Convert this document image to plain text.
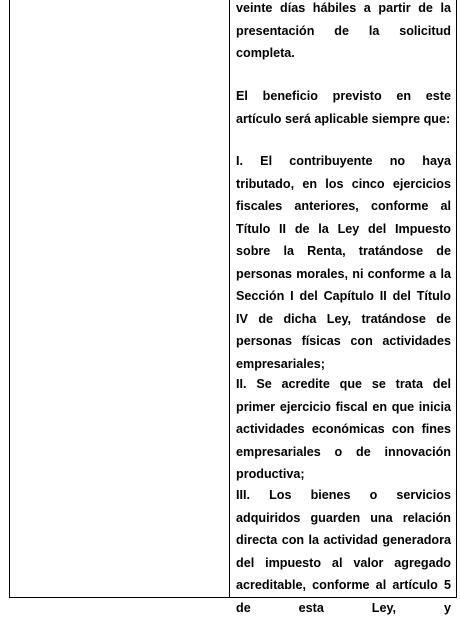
veinte días hábiles a partir de la presentación de la solicitud completa.

El beneficio previsto en este artículo será aplicable siempre que:

I. El contribuyente no haya tributado, en los cinco ejercicios fiscales anteriores, conforme al Título II de la Ley del Impuesto sobre la Renta, tratándose de personas morales, ni conforme a la Sección I del Capítulo II del Título IV de dicha Ley, tratándose de personas físicas con actividades empresariales;

II. Se acredite que se trata del primer ejercicio fiscal en que inicia actividades económicas con fines empresariales o de innovación productiva;

III. Los bienes o servicios adquiridos guarden una relación directa con la actividad generadora del impuesto al valor agregado acreditable, conforme al artículo 5 de esta Ley, y
